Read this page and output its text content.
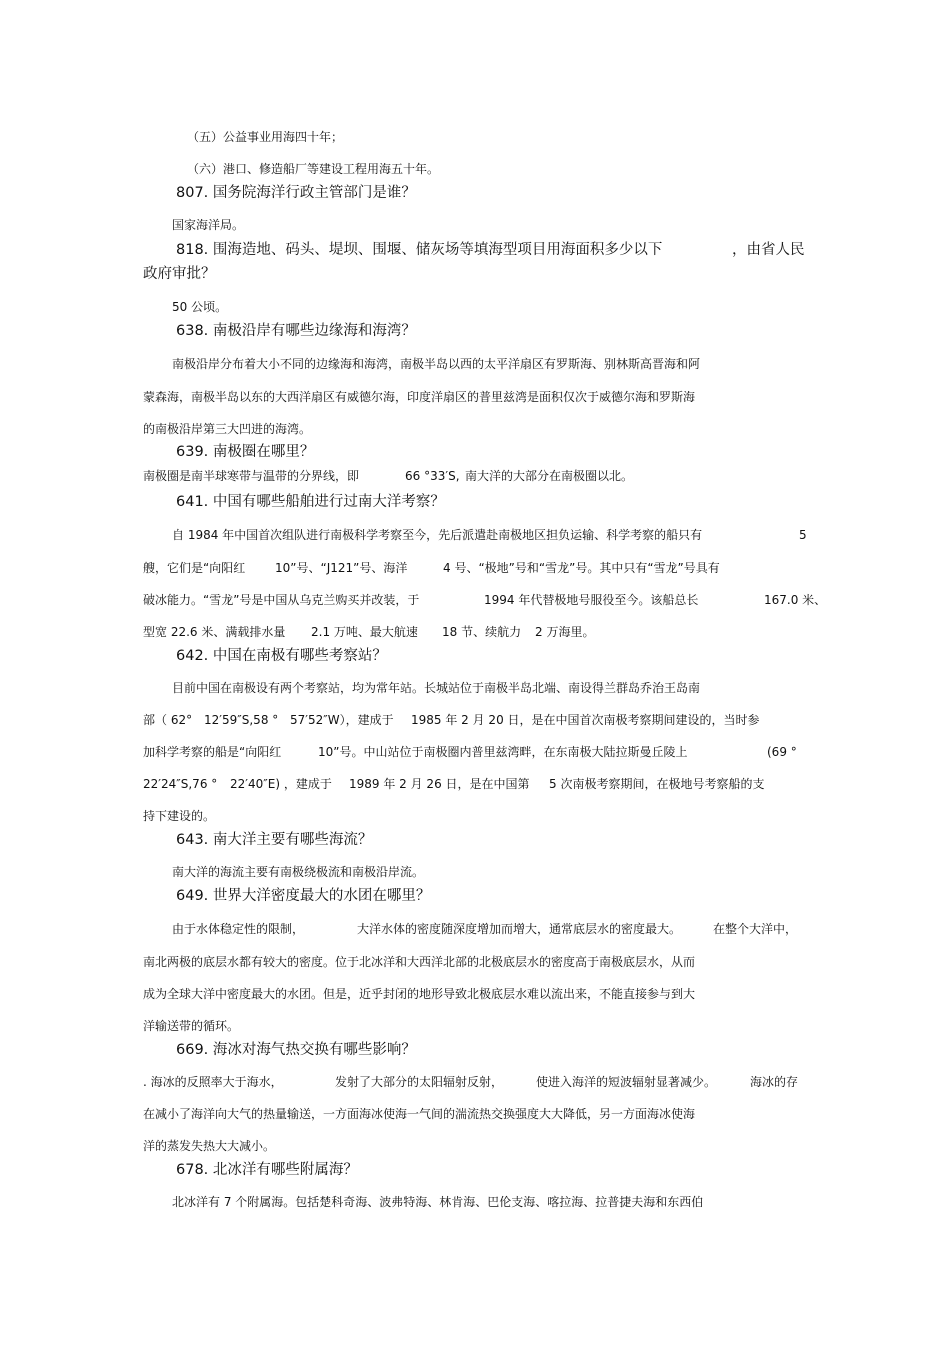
（五）公益事业用海四十年；
（六）港口、修造船厂等建设工程用海五十年。
807. 国务院海洋行政主管部门是谁？
国家海洋局。
818. 围海造地、码头、堤坝、围堰、储灰场等填海型项目用海面积多少以下	，由省人民
政府审批？
50 公顷。
638. 南极沿岸有哪些边缘海和海湾？
南极沿岸分布着大小不同的边缘海和海湾，南极半岛以西的太平洋扇区有罗斯海、别林斯高晋海和阿
蒙森海，南极半岛以东的大西洋扇区有威德尔海，印度洋扇区的普里兹湾是面积仅次于威德尔海和罗斯海
的南极沿岸第三大凹进的海湾。
639. 南极圈在哪里？
南极圈是南半球寒带与温带的分界线，即	66 °33′S, 南大洋的大部分在南极圈以北。
641. 中国有哪些船舶进行过南大洋考察？
自 1984 年中国首次组队进行南极科学考察至今，先后派遣赴南极地区担负运输、科学考察的船只有	5
艘，它们是“向阳红 10”号、“J121”号、海洋	4 号、“极地”号和“雪龙”号。其中只有“雪龙”号具有
破冰能力。“雪龙”号是中国从乌克兰购买并改装，于	1994 年代替极地号服役至今。该船总长	167.0 米、
型宽 22.6 米、满载排水量 2.1 万吨、最大航速 18 节、续航力 2 万海里。
642. 中国在南极有哪些考察站？
目前中国在南极设有两个考察站，均为常年站。长城站位于南极半岛北端、南设得兰群岛乔治王岛南
部（ 62° 12′59″S,58 ° 57′52″W），建成于 1985 年 2 月 20 日，是在中国首次南极考察期间建设的，当时参
加科学考察的船是“向阳红	10”号。中山站位于南极圈内普里兹湾畔，在东南极大陆拉斯曼丘陵上	(69 °
22′24″S,76 ° 22′40″E) ，建成于 1989 年 2 月 26 日，是在中国第 5 次南极考察期间，在极地号考察船的支
持下建设的。
643. 南大洋主要有哪些海流？
南大洋的海流主要有南极绕极流和南极沿岸流。
649. 世界大洋密度最大的水团在哪里？
由于水体稳定性的限制，	大洋水体的密度随深度增加而增大，通常底层水的密度最大。	在整个大洋中，
南北两极的底层水都有较大的密度。位于北冰洋和大西洋北部的北极底层水的密度高于南极底层水，从而
成为全球大洋中密度最大的水团。但是，近乎封闭的地形导致北极底层水难以流出来，不能直接参与到大
洋输送带的循环。
669. 海冰对海气热交换有哪些影响？
. 海冰的反照率大于海水，	发射了大部分的太阳辐射反射，	使进入海洋的短波辐射显著减少。	海冰的存
在减小了海洋向大气的热量输送，一方面海冰使海一气间的湍流热交换强度大大降低，另一方面海冰使海
洋的蒸发失热大大减小。
678. 北冰洋有哪些附属海？
北冰洋有 7 个附属海。包括楚科奇海、波弗特海、林肯海、巴伦支海、喀拉海、拉普捷夫海和东西伯
